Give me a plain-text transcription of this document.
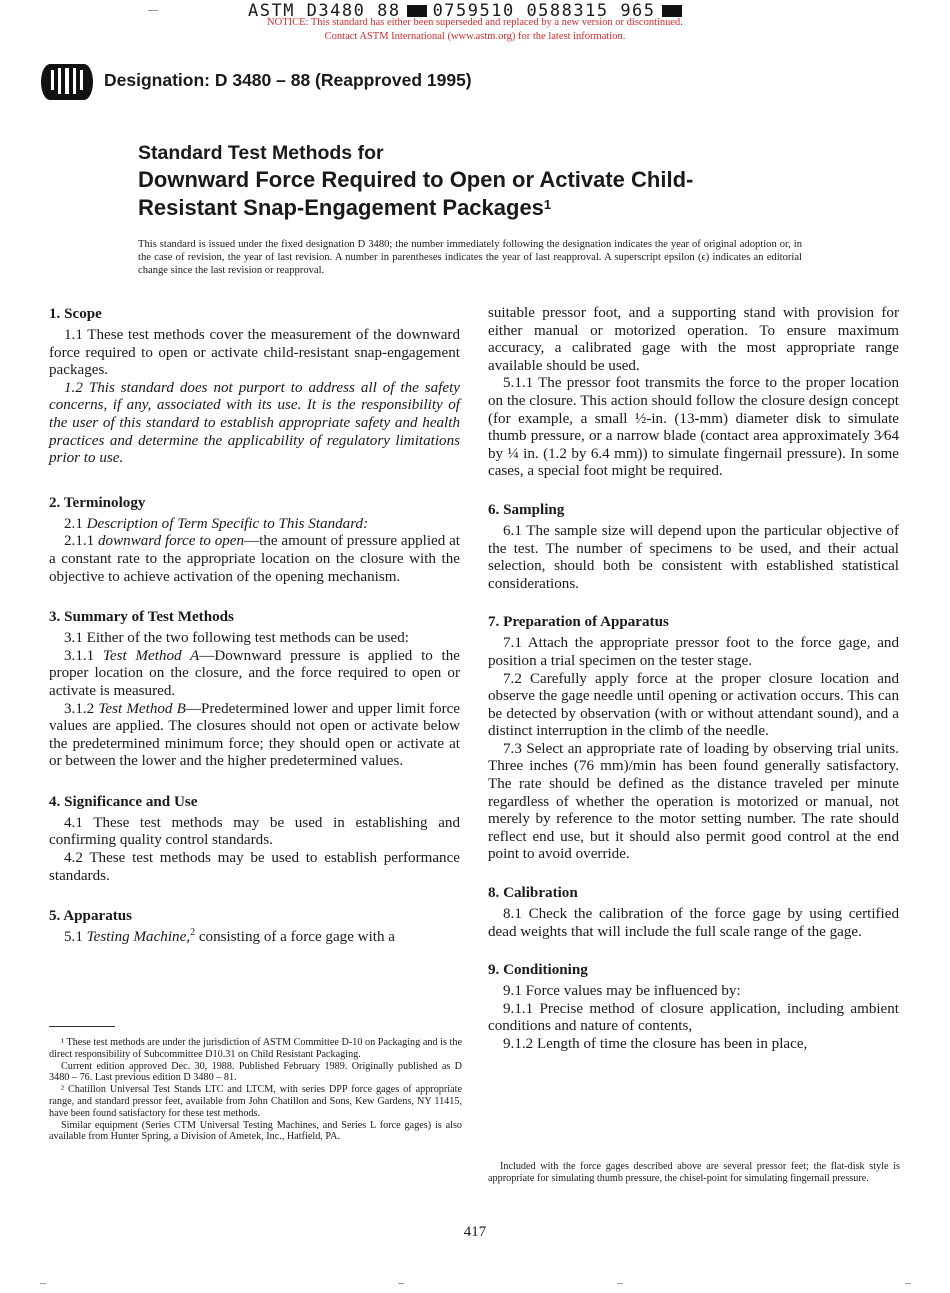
ASTM D3480 88 0759510 0588315 965
NOTICE: This standard has either been superseded and replaced by a new version or discontinued.
Contact ASTM International (www.astm.org) for the latest information.
Designation: D 3480 – 88 (Reapproved 1995)
Standard Test Methods for
Downward Force Required to Open or Activate Child-
Resistant Snap-Engagement Packages$^1$
This standard is issued under the fixed designation D 3480; the number immediately following the designation indicates the year of original adoption or, in the case of revision, the year of last revision. A number in parentheses indicates the year of last reapproval. A superscript epsilon (ϵ) indicates an editorial change since the last revision or reapproval.
1. Scope

1.1 These test methods cover the measurement of the downward force required to open or activate child-resistant snap-engagement packages.

1.2 This standard does not purport to address all of the safety concerns, if any, associated with its use. It is the responsibility of the user of this standard to establish appropriate safety and health practices and determine the applicability of regulatory limitations prior to use.

2. Terminology

2.1 Description of Term Specific to This Standard:

2.1.1 downward force to open—the amount of pressure applied at a constant rate to the appropriate location on the closure with the objective to achieve activation of the opening mechanism.

3. Summary of Test Methods

3.1 Either of the two following test methods can be used:

3.1.1 Test Method A—Downward pressure is applied to the proper location on the closure, and the force required to open or activate is measured.

3.1.2 Test Method B—Predetermined lower and upper limit force values are applied. The closures should not open or activate below the predetermined minimum force; they should open or activate at or between the lower and the higher predetermined values.

4. Significance and Use

4.1 These test methods may be used in establishing and confirming quality control standards.

4.2 These test methods may be used to establish performance standards.

5. Apparatus

5.1 Testing Machine,$^2$ consisting of a force gage with a

¹ These test methods are under the jurisdiction of ASTM Committee D-10 on Packaging and is the direct responsibility of Subcommittee D10.31 on Child Resistant Packaging.

Current edition approved Dec. 30, 1988. Published February 1989. Originally published as D 3480 – 76. Last previous edition D 3480 – 81.

² Chatillon Universal Test Stands LTC and LTCM, with series DPP force gages of appropriate range, and standard pressor feet, available from John Chatillon and Sons, Kew Gardens, NY 11415, have been found satisfactory for these test methods.

Similar equipment (Series CTM Universal Testing Machines, and Series L force gages) is also available from Hunter Spring, a Division of Ametek, Inc., Hatfield, PA.

suitable pressor foot, and a supporting stand with provision for either manual or motorized operation. To ensure maximum accuracy, a calibrated gage with the most appropriate range available should be used.

5.1.1 The pressor foot transmits the force to the proper location on the closure. This action should follow the closure design concept (for example, a small ½-in. (13-mm) diameter disk to simulate thumb pressure, or a narrow blade (contact area approximately 3⁄64 by ¼ in. (1.2 by 6.4 mm)) to simulate fingernail pressure). In some cases, a special foot might be required.

6. Sampling

6.1 The sample size will depend upon the particular objective of the test. The number of specimens to be used, and their actual selection, should both be consistent with established statistical considerations.

7. Preparation of Apparatus

7.1 Attach the appropriate pressor foot to the force gage, and position a trial specimen on the tester stage.

7.2 Carefully apply force at the proper closure location and observe the gage needle until opening or activation occurs. This can be detected by observation (with or without attendant sound), and a distinct interruption in the climb of the needle.

7.3 Select an appropriate rate of loading by observing trial units. Three inches (76 mm)/min has been found generally satisfactory. The rate should be defined as the distance traveled per minute regardless of whether the operation is motorized or manual, not merely by reference to the motor setting number. The rate should reflect end use, but it should also permit good control at the end point to avoid override.

8. Calibration

8.1 Check the calibration of the force gage by using certified dead weights that will include the full scale range of the gage.

9. Conditioning

9.1 Force values may be influenced by:

9.1.1 Precise method of closure application, including ambient conditions and nature of contents,

9.1.2 Length of time the closure has been in place,

Included with the force gages described above are several pressor feet; the flat-disk style is appropriate for simulating thumb pressure, the chisel-point for simulating fingernail pressure.

417
